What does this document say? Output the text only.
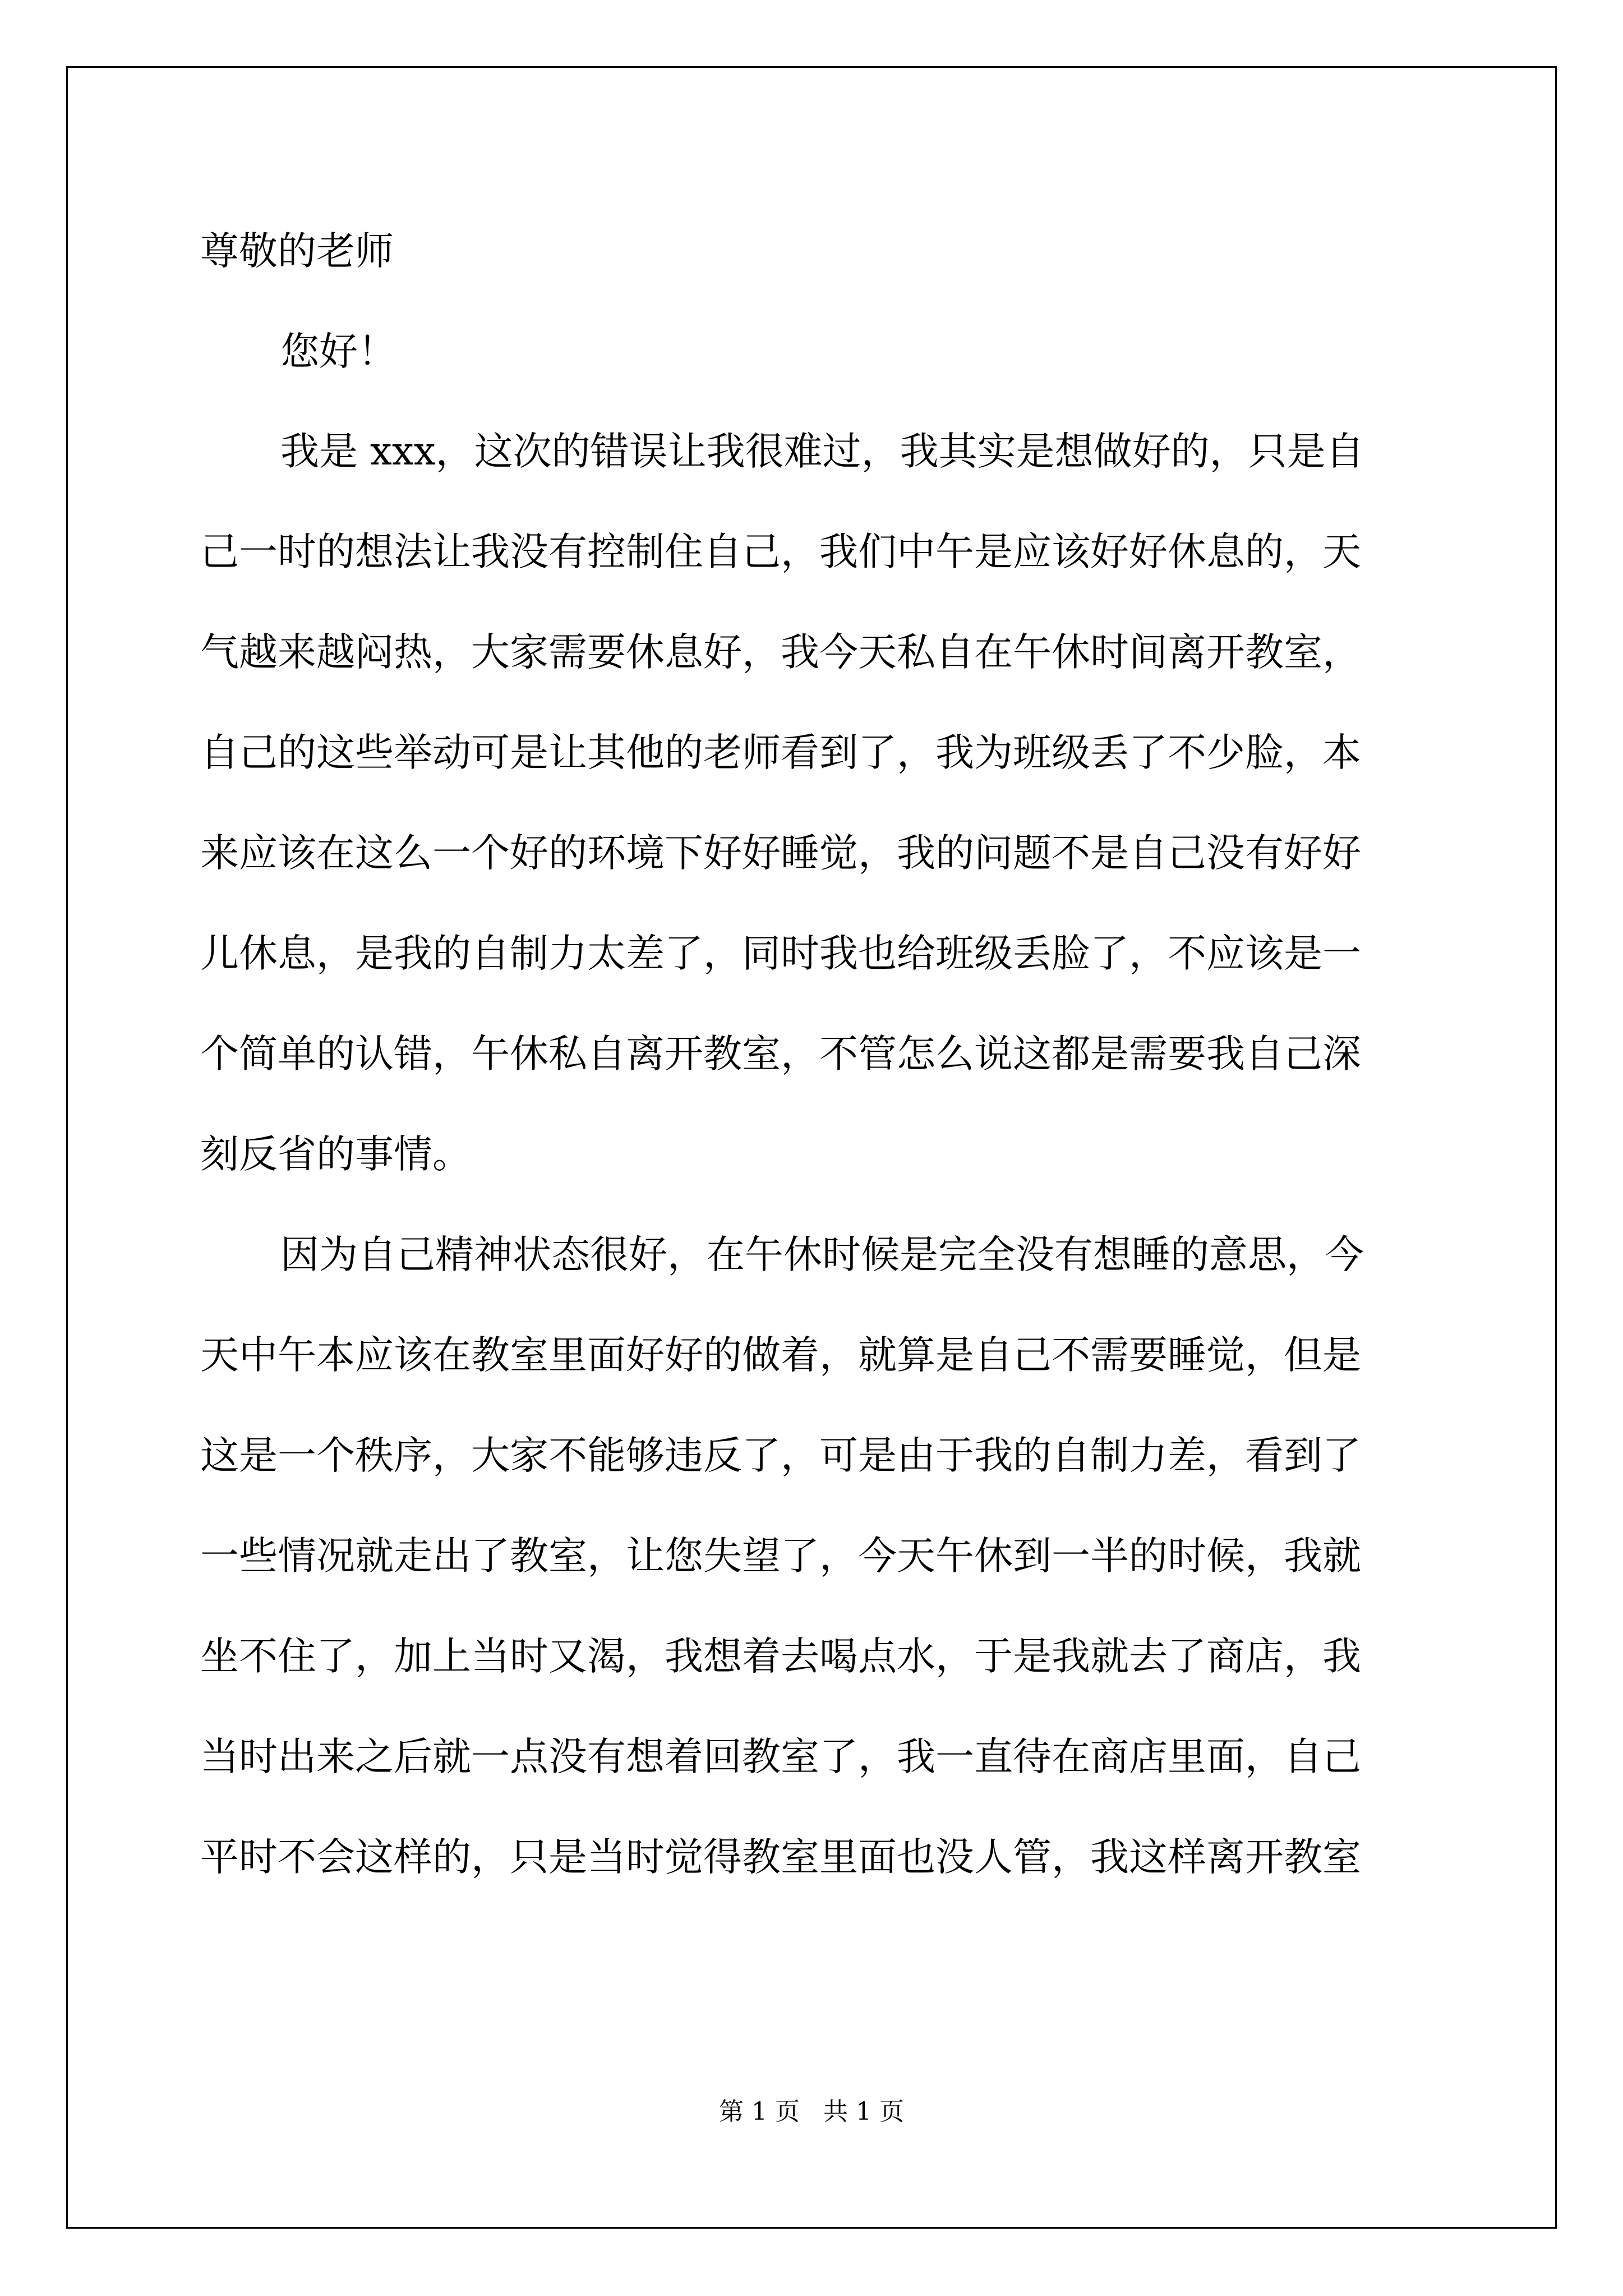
尊敬的老师
您好！
我是 xxx，这次的错误让我很难过，我其实是想做好的，只是自
己一时的想法让我没有控制住自己，我们中午是应该好好休息的，天
气越来越闷热，大家需要休息好，我今天私自在午休时间离开教室，
自己的这些举动可是让其他的老师看到了，我为班级丢了不少脸，本
来应该在这么一个好的环境下好好睡觉，我的问题不是自己没有好好
儿休息，是我的自制力太差了，同时我也给班级丢脸了，不应该是一
个简单的认错，午休私自离开教室，不管怎么说这都是需要我自己深
刻反省的事情。
因为自己精神状态很好，在午休时候是完全没有想睡的意思，今
天中午本应该在教室里面好好的做着，就算是自己不需要睡觉，但是
这是一个秩序，大家不能够违反了，可是由于我的自制力差，看到了
一些情况就走出了教室，让您失望了，今天午休到一半的时候，我就
坐不住了，加上当时又渴，我想着去喝点水，于是我就去了商店，我
当时出来之后就一点没有想着回教室了，我一直待在商店里面，自己
平时不会这样的，只是当时觉得教室里面也没人管，我这样离开教室
第 1 页   共 1 页
